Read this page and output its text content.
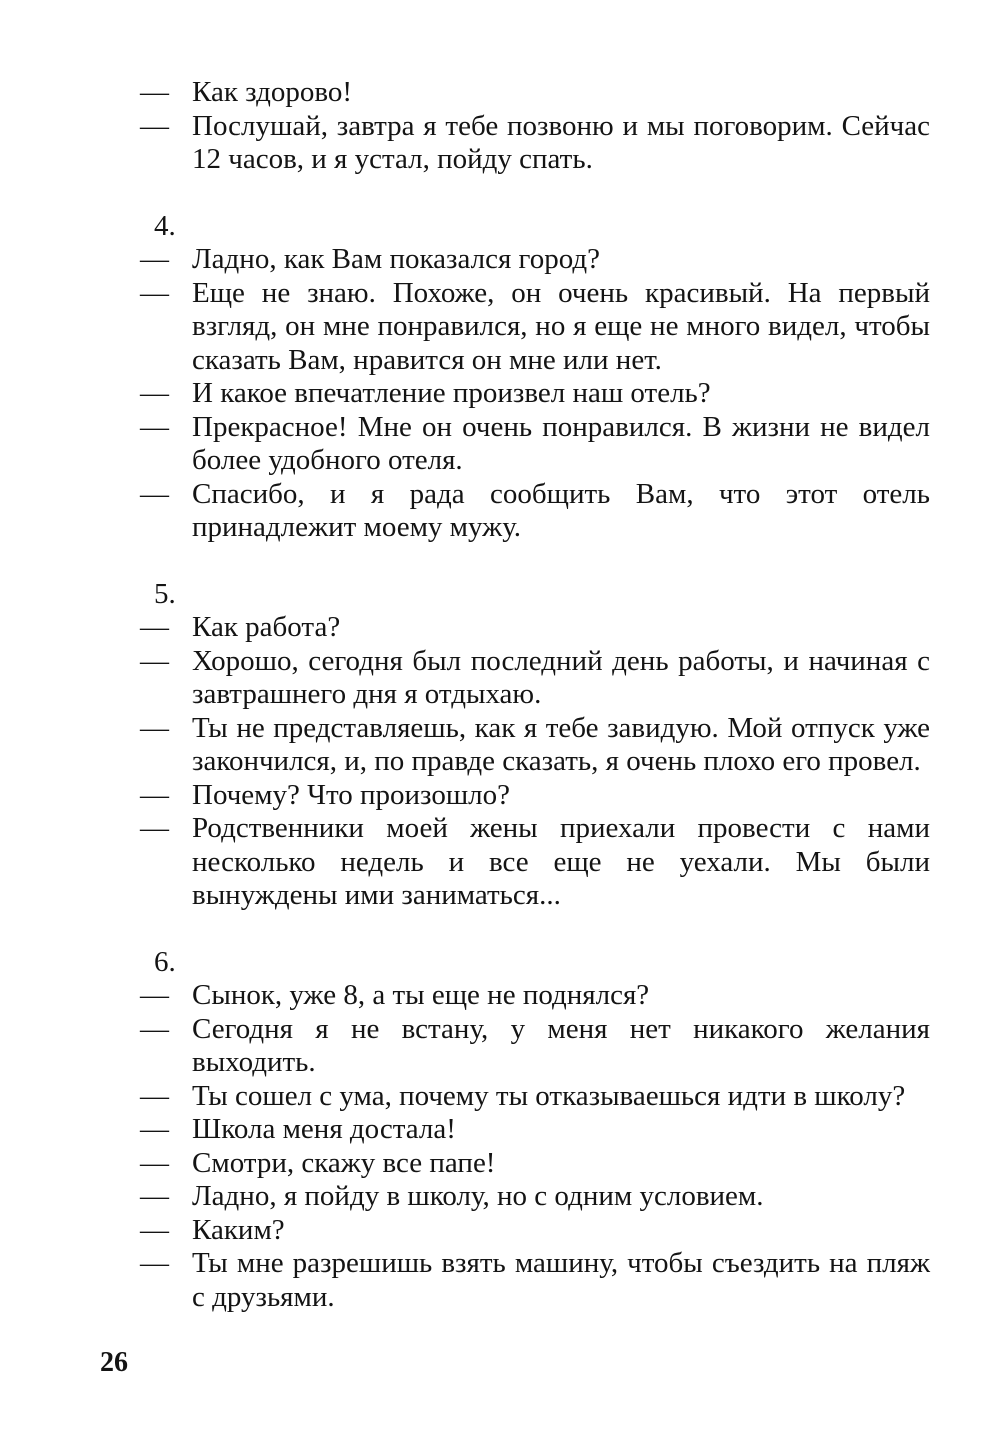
— Как здорово!

— Послушай, завтра я тебе позвоню и мы поговорим. Сейчас 12 часов, и я устал, пойду спать.

4.

— Ладно, как Вам показался город?

— Еще не знаю. Похоже, он очень красивый. На первый взгляд, он мне понравился, но я еще не много видел, чтобы сказать Вам, нравится он мне или нет.

— И какое впечатление произвел наш отель?

— Прекрасное! Мне он очень понравился. В жизни не видел более удобного отеля.

— Спасибо, и я рада сообщить Вам, что этот отель принадлежит моему мужу.

5.

— Как работа?

— Хорошо, сегодня был последний день работы, и начиная с завтрашнего дня я отдыхаю.

— Ты не представляешь, как я тебе завидую. Мой отпуск уже закончился, и, по правде сказать, я очень плохо его провел.

— Почему? Что произошло?

— Родственники моей жены приехали провести с нами несколько недель и все еще не уехали. Мы были вынуждены ими заниматься...

6.

— Сынок, уже 8, а ты еще не поднялся?

— Сегодня я не встану, у меня нет никакого желания выходить.

— Ты сошел с ума, почему ты отказываешься идти в школу?

— Школа меня достала!

— Смотри, скажу все папе!

— Ладно, я пойду в школу, но с одним условием.

— Каким?

— Ты мне разрешишь взять машину, чтобы съездить на пляж с друзьями.

26
